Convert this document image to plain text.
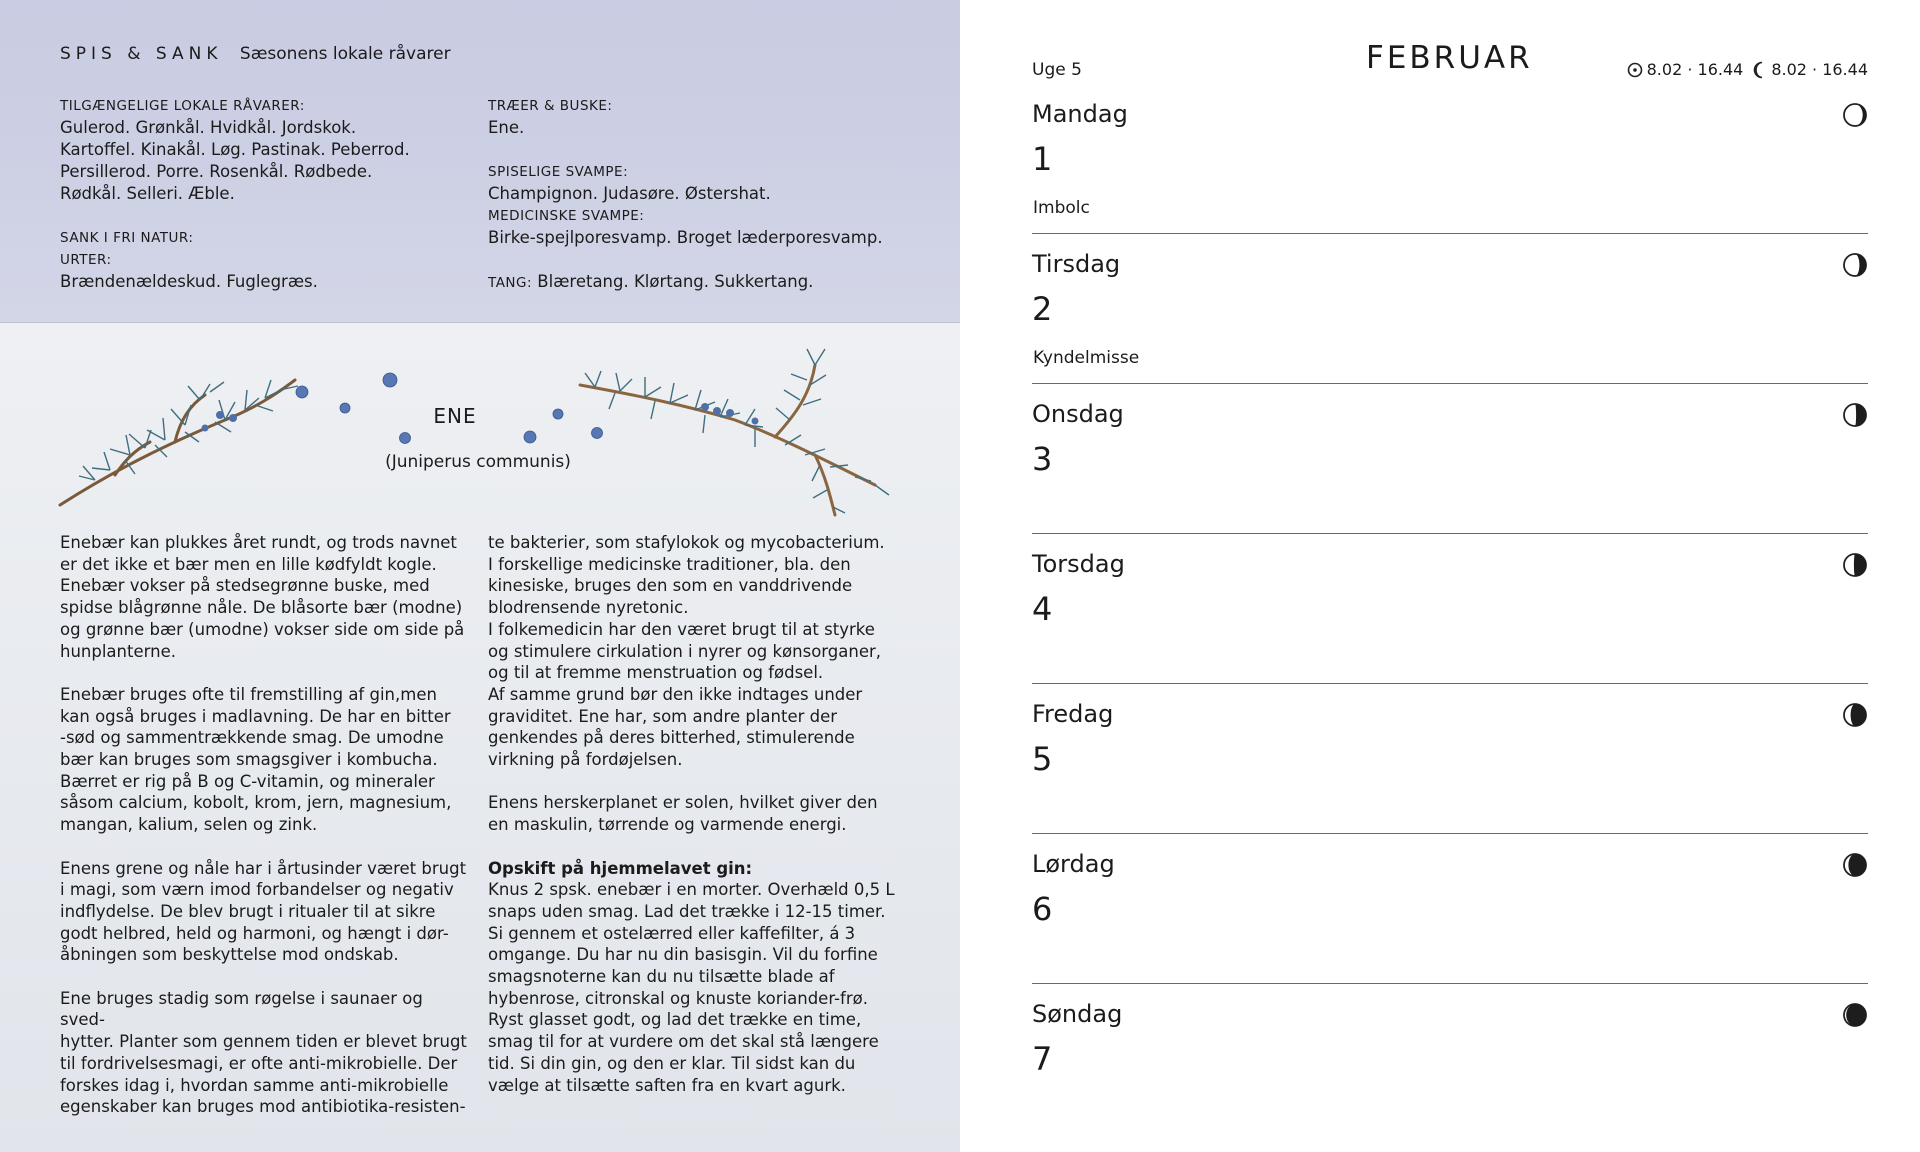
SPIS & SANK Sæsonens lokale råvarer
TILGÆNGELIGE LOKALE RÅVARER:
Gulerod. Grønkål. Hvidkål. Jordskok.
Kartoffel. Kinakål. Løg. Pastinak. Peberrod.
Persillerod. Porre. Rosenkål. Rødbede.
Rødkål. Selleri. Æble.
SANK I FRI NATUR:
URTER:
Brændenældeskud. Fuglegræs.
TRÆER & BUSKE:
Ene.
SPISELIGE SVAMPE:
Champignon. Judasøre. Østershat.
MEDICINSKE SVAMPE:
Birke-spejlporesvamp. Broget læderporesvamp.
TANG: Blæretang. Klørtang. Sukkertang.
ENE
(Juniperus communis)
Enebær kan plukkes året rundt, og trods navnet
er det ikke et bær men en lille kødfyldt kogle.
Enebær vokser på stedsegrønne buske, med
spidse blågrønne nåle. De blåsorte bær (modne)
og grønne bær (umodne) vokser side om side på
hunplanterne.

Enebær bruges ofte til fremstilling af gin,men
kan også bruges i madlavning. De har en bitter
-sød og sammentrækkende smag. De umodne
bær kan bruges som smagsgiver i kombucha.
Bærret er rig på B og C-vitamin, og mineraler
såsom calcium, kobolt, krom, jern, magnesium,
mangan, kalium, selen og zink.

Enens grene og nåle har i årtusinder været brugt
i magi, som værn imod forbandelser og negativ
indflydelse. De blev brugt i ritualer til at sikre
godt helbred, held og harmoni, og hængt i dør-
åbningen som beskyttelse mod ondskab.

Ene bruges stadig som røgelse i saunaer og sved-
hytter. Planter som gennem tiden er blevet brugt
til fordrivelsesmagi, er ofte anti-mikrobielle. Der
forskes idag i, hvordan samme anti-mikrobielle
egenskaber kan bruges mod antibiotika-resisten-
te bakterier, som stafylokok og mycobacterium.
I forskellige medicinske traditioner, bla. den
kinesiske, bruges den som en vanddrivende
blodrensende nyretonic.
I folkemedicin har den været brugt til at styrke
og stimulere cirkulation i nyrer og kønsorganer,
og til at fremme menstruation og fødsel.
Af samme grund bør den ikke indtages under
graviditet. Ene har, som andre planter der
genkendes på deres bitterhed, stimulerende
virkning på fordøjelsen.

Enens herskerplanet er solen, hvilket giver den
en maskulin, tørrende og varmende energi.

Opskift på hjemmelavet gin:
Knus 2 spsk. enebær i en morter. Overhæld 0,5 L
snaps uden smag. Lad det trække i 12-15 timer.
Si gennem et ostelærred eller kaffefilter, á 3
omgange. Du har nu din basisgin. Vil du forfine
smagsnoterne kan du nu tilsætte blade af
hybenrose, citronskal og knuste koriander-frø.
Ryst glasset godt, og lad det trække en time,
smag til for at vurdere om det skal stå længere
tid. Si din gin, og den er klar. Til sidst kan du
vælge at tilsætte saften fra en kvart agurk.
Uge 5	FEBRUAR	8.02 · 16.44 8.02 · 16.44
Mandag
1
Imbolc
Tirsdag
2
Kyndelmisse
Onsdag
3
Torsdag
4
Fredag
5
Lørdag
6
Søndag
7
